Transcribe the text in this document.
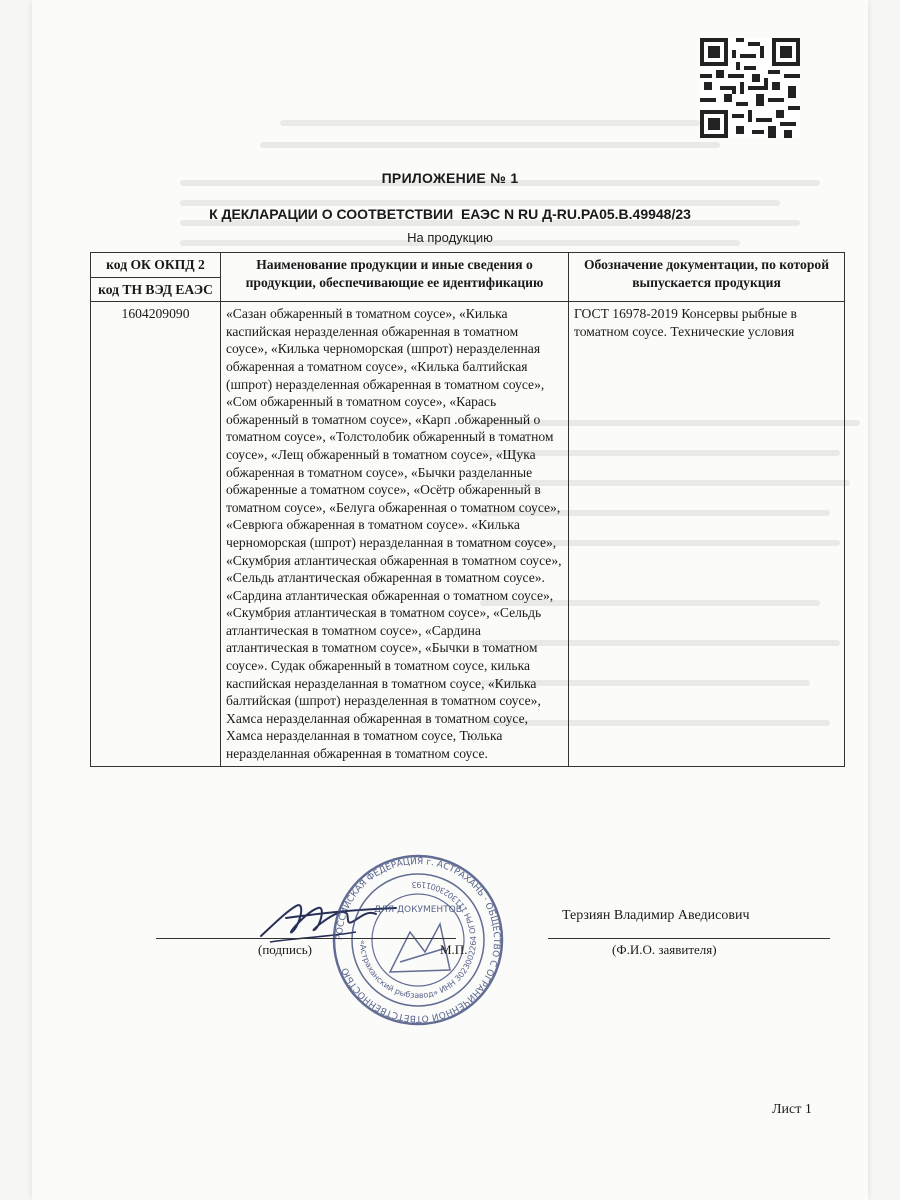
ПРИЛОЖЕНИЕ № 1
К ДЕКЛАРАЦИИ О СООТВЕТСТВИИ  ЕАЭС N RU Д-RU.РА05.В.49948/23
На продукцию
код ОК ОКПД 2	Наименование продукции и иные сведения о продукции, обеспечивающие ее идентификацию	Обозначение документации, по которой выпускается продукция
код ТН ВЭД ЕАЭС		
1604209090	«Сазан обжаренный в томатном соусе», «Килька каспийская неразделенная обжаренная в томатном соусе», «Килька черноморская (шпрот) неразделенная обжаренная а томатном соусе», «Килька балтийская (шпрот) неразделенная обжаренная в томатном соусе», «Сом обжаренный в томатном соусе», «Карась обжаренный в томатном соусе», «Карп .обжаренный о томатном соусе», «Толстолобик обжаренный в томатном соусе», «Лещ обжаренный в томатном соусе», «Щука обжаренная в томатном соусе», «Бычки разделанные обжаренные а томатном соусе», «Осётр обжаренный в томатном соусе», «Белуга обжаренная о томатном соусе», «Севрюга обжаренная в томатном соусе». «Килька черноморская (шпрот) неразделанная в томатном соусе», «Скумбрия атлантическая обжаренная в томатном соусе», «Сельдь атлантическая обжаренная в томатном соусе». «Сардина атлантическая обжаренная о томатном соусе», «Скумбрия атлантическая в томатном соусе», «Сельдь атлантическая в томатном соусе», «Сардина атлантическая в томатном соусе», «Бычки в томатном соусе». Судак обжаренный в томатном соусе, килька каспийская неразделанная в томатном соусе, «Килька балтийская (шпрот) неразделенная в томатном соусе», Хамса неразделанная обжаренная в томатном соусе, Хамса неразделанная в томатном соусе, Тюлька неразделанная обжаренная в томатном соусе.	ГОСТ 16978-2019 Консервы рыбные в томатном соусе. Технические условия
РОССИЙСКАЯ ФЕДЕРАЦИЯ г. АСТРАХАНЬ · ОБЩЕСТВО С ОГРАНИЧЕННОЙ ОТВЕТСТВЕННОСТЬЮ
«Астраханский рыбзавод» ИНН 3023002264 ОГРН 1113023001193
ДЛЯ ДОКУМЕНТОВ
(подпись)	М.П.
Терзиян Владимир Аведисович
(Ф.И.О. заявителя)
Лист 1
